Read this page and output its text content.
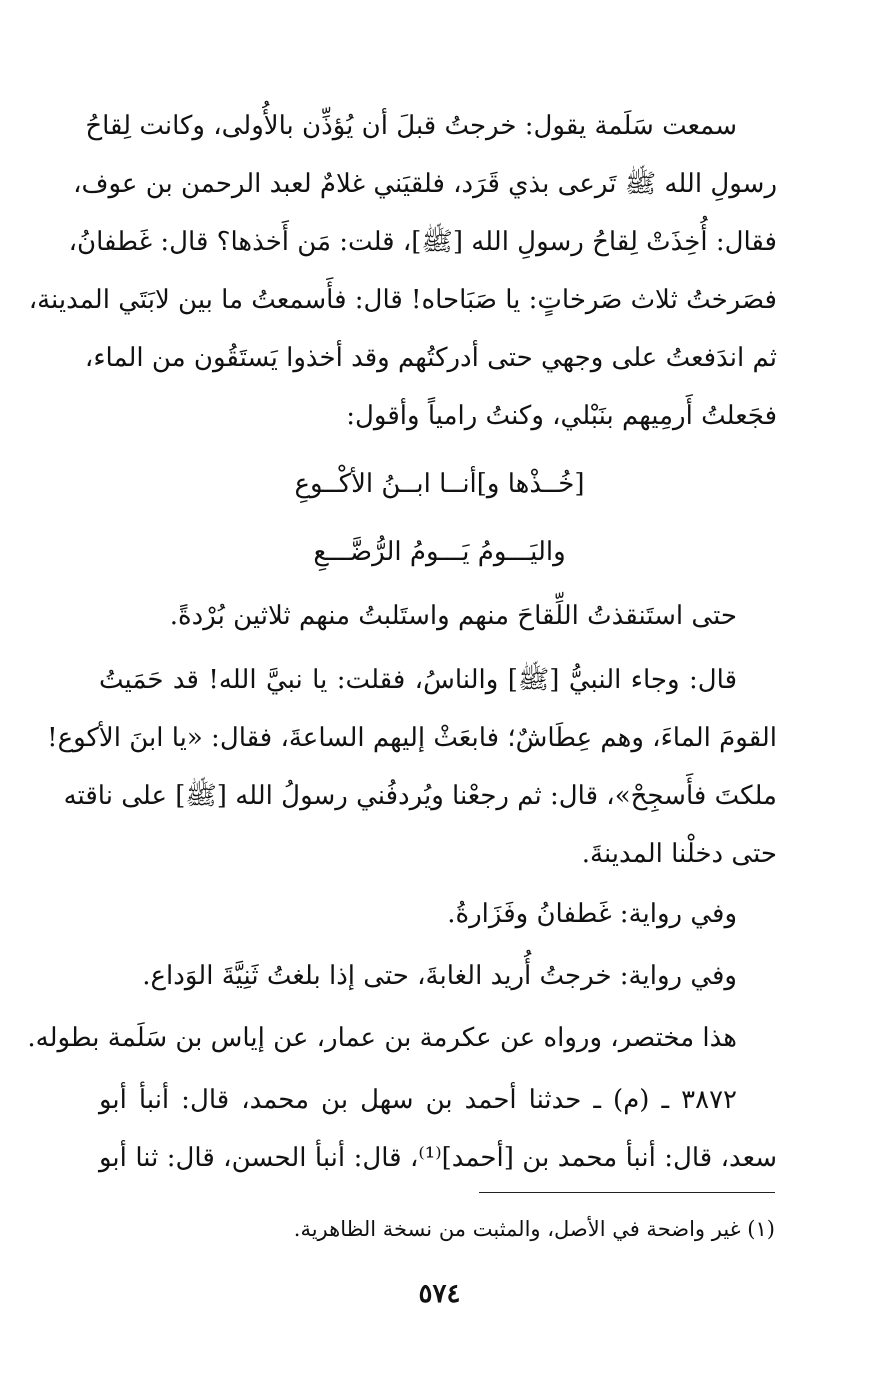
سمعت سَلَمة يقول: خرجتُ قبلَ أن يُؤذِّن بالأُولى، وكانت لِقاحُ
رسولِ الله ﷺ تَرعى بذي قَرَد، فلقيَني غلامٌ لعبد الرحمن بن عوف،
فقال: أُخِذَتْ لِقاحُ رسولِ الله [ﷺ]، قلت: مَن أَخذها؟ قال: غَطفانُ،
فصَرختُ ثلاث صَرخاتٍ: يا صَبَاحاه! قال: فأَسمعتُ ما بين لابَتَي المدينة،
ثم اندَفعتُ على وجهي حتى أدركتُهم وقد أخذوا يَستَقُون من الماء،
فجَعلتُ أَرمِيهم بنَبْلي، وكنتُ رامياً وأقول:
[خُــذْها و]أنــا ابــنُ الأكْــوعِ
واليَـــومُ يَـــومُ الرُّضَّـــعِ
حتى استَنقذتُ اللِّقاحَ منهم واستَلبتُ منهم ثلاثين بُرْدةً.
قال: وجاء النبيُّ [ﷺ] والناسُ، فقلت: يا نبيَّ الله! قد حَمَيتُ
القومَ الماءَ، وهم عِطَاشٌ؛ فابعَثْ إليهم الساعةَ، فقال: «يا ابنَ الأكوع!
ملكتَ فأَسجِحْ»، قال: ثم رجعْنا ويُردفُني رسولُ الله [ﷺ] على ناقته
حتى دخلْنا المدينةَ.
وفي رواية: غَطفانُ وفَزَارةُ.
وفي رواية: خرجتُ أُريد الغابةَ، حتى إذا بلغتُ ثَنِيَّةَ الوَداع.
هذا مختصر، ورواه عن عكرمة بن عمار، عن إياس بن سَلَمة بطوله.
٣٨٧٢ ـ (م) ـ حدثنا أحمد بن سهل بن محمد، قال: أنبأ أبو
سعد، قال: أنبأ محمد بن [أحمد]⁽¹⁾، قال: أنبأ الحسن، قال: ثنا أبو
(١) غير واضحة في الأصل، والمثبت من نسخة الظاهرية.
٥٧٤
